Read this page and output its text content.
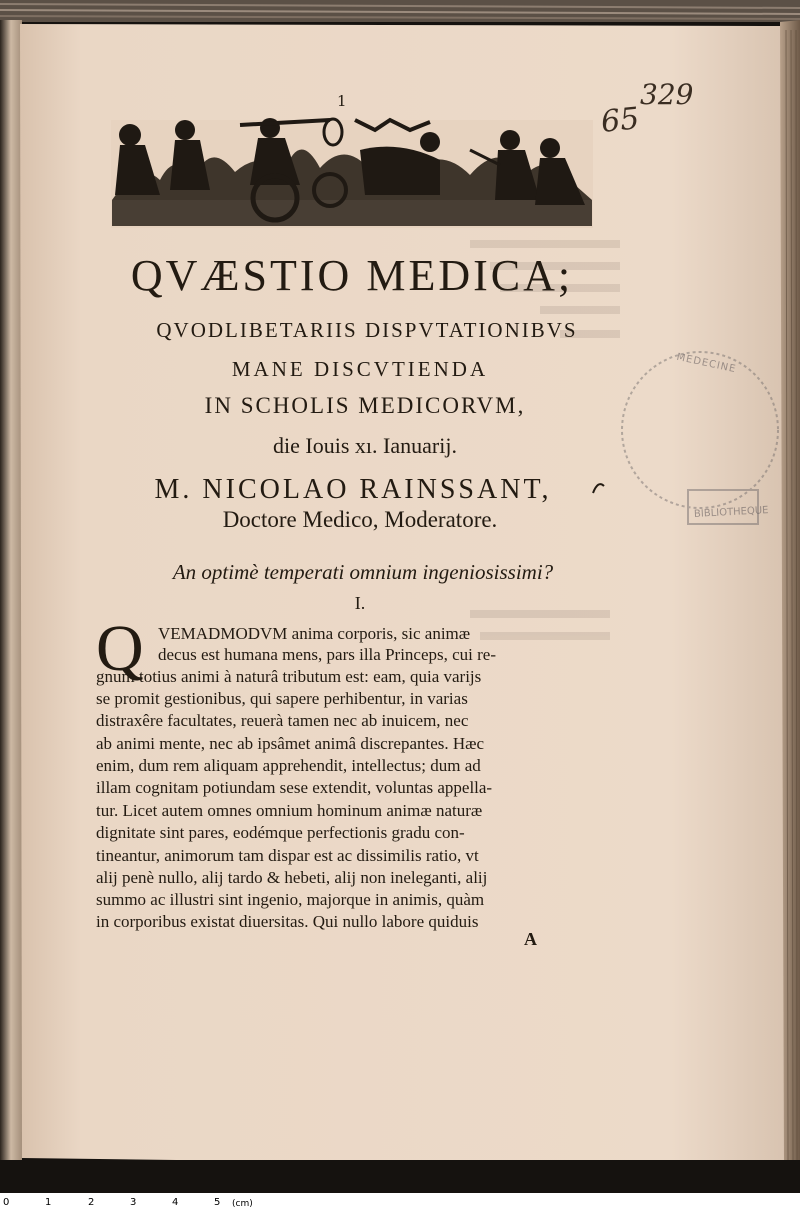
1
65
329
QVÆSTIO MEDICA;
QVODLIBETARIIS DISPVTATIONIBVS
MANE DISCVTIENDA
IN SCHOLIS MEDICORVM,
die Iouis xı. Ianuarij.
M. NICOLAO RAINSSANT,
Doctore Medico, Moderatore.
An optimè temperati omnium ingeniosissimi?
I.
Q VEMADMODVM anima corporis, sic animæ
decus est humana mens, pars illa Princeps, cui re-
gnum totius animi à naturâ tributum est: eam, quia varijs
se promit gestionibus, qui sapere perhibentur, in varias
distraxêre facultates, reuerà tamen nec ab inuicem, nec
ab animi mente, nec ab ipsâmet animâ discrepantes. Hæc
enim, dum rem aliquam apprehendit, intellectus; dum ad
illam cognitam potiundam sese extendit, voluntas appella-
tur. Licet autem omnes omnium hominum animæ naturæ
dignitate sint pares, eodémque perfectionis gradu con-
tineantur, animorum tam dispar est ac dissimilis ratio, vt
alij penè nullo, alij tardo & hebeti, alij non ineleganti, alij
summo ac illustri sint ingenio, majorque in animis, quàm
in corporibus existat diuersitas. Qui nullo labore quiduis
A
MEDECINE
BIBLIOTHEQUE
0	1	2	3	4	5 (cm)
